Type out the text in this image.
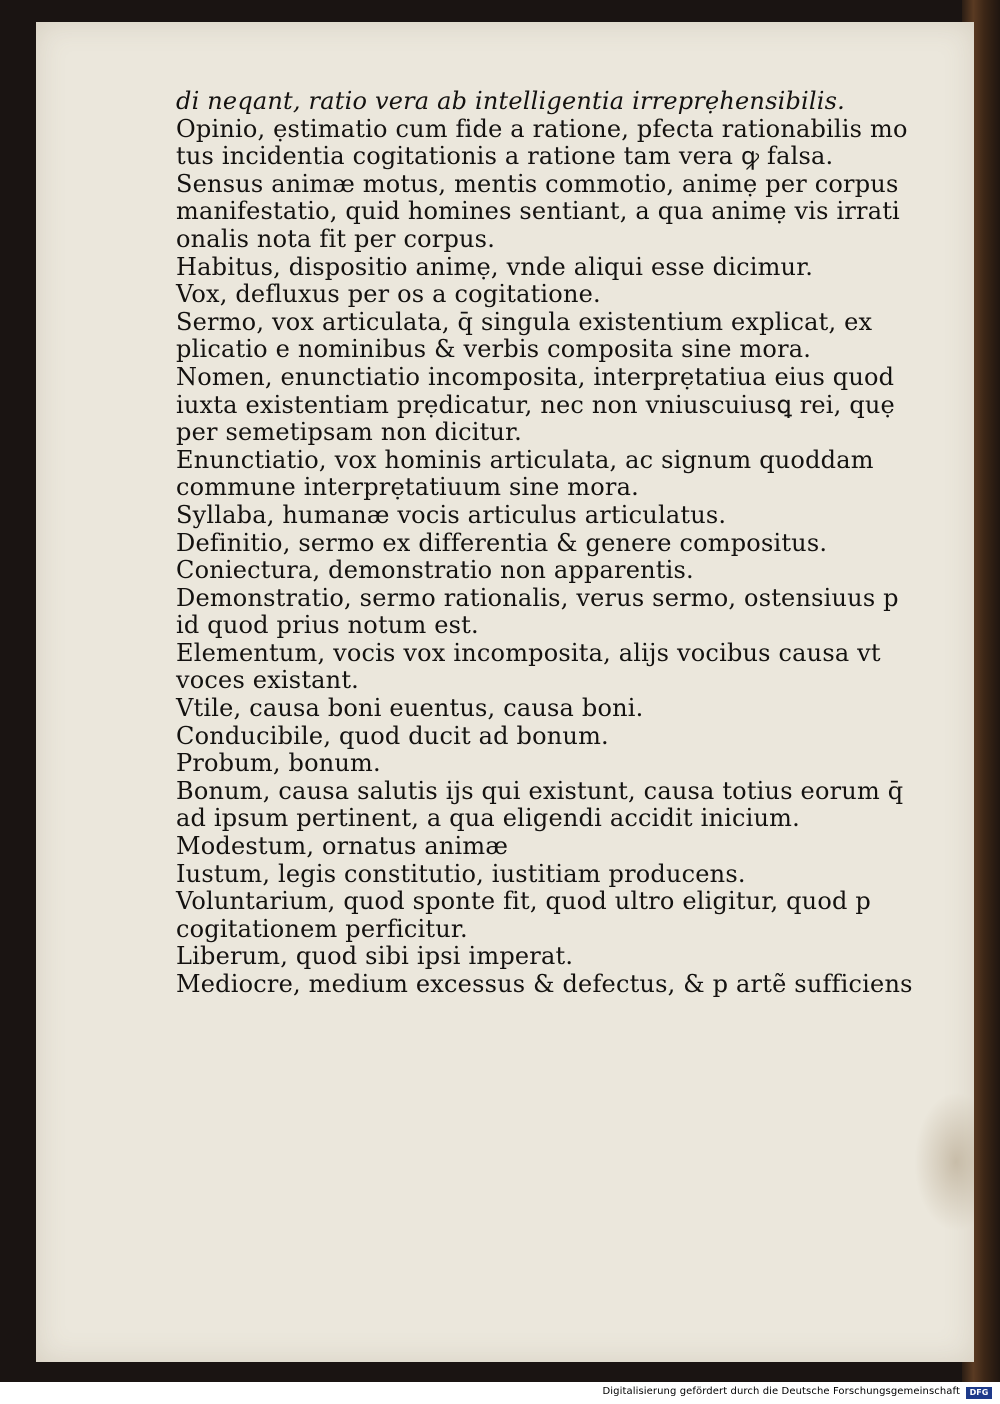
di neqant, ratio vera ab intelligentia irreprẹhensibilis.
Opinio, ẹstimatio cum fide a ratione, pfecta rationabilis mo
tus incidentia cogitationis a ratione tam vera ꝙ falsa.
Sensus animæ motus, mentis commotio, animẹ per corpus
manifestatio, quid homines sentiant, a qua animẹ vis irrati
onalis nota fit per corpus.
Habitus, dispositio animẹ, vnde aliqui esse dicimur.
Vox, defluxus per os a cogitatione.
Sermo, vox articulata, q̄ singula existentium explicat, ex
plicatio e nominibus & verbis composita sine mora.
Nomen, enunctiatio incomposita, interprẹtatiua eius quod
iuxta existentiam prẹdicatur, nec non vniuscuiusꝗ rei, quẹ
per semetipsam non dicitur.
Enunctiatio, vox hominis articulata, ac signum quoddam
commune interprẹtatiuum sine mora.
Syllaba, humanæ vocis articulus articulatus.
Definitio, sermo ex differentia & genere compositus.
Coniectura, demonstratio non apparentis.
Demonstratio, sermo rationalis, verus sermo, ostensiuus p
id quod prius notum est.
Elementum, vocis vox incomposita, alijs vocibus causa vt
voces existant.
Vtile, causa boni euentus, causa boni.
Conducibile, quod ducit ad bonum.
Probum, bonum.
Bonum, causa salutis ijs qui existunt, causa totius eorum q̄
ad ipsum pertinent, a qua eligendi accidit inicium.
Modestum, ornatus animæ
Iustum, legis constitutio, iustitiam producens.
Voluntarium, quod sponte fit, quod ultro eligitur, quod p
cogitationem perficitur.
Liberum, quod sibi ipsi imperat.
Mediocre, medium excessus & defectus, & p artẽ sufficiens
Digitalisierung gefördert durch die Deutsche Forschungsgemeinschaft	DFG
